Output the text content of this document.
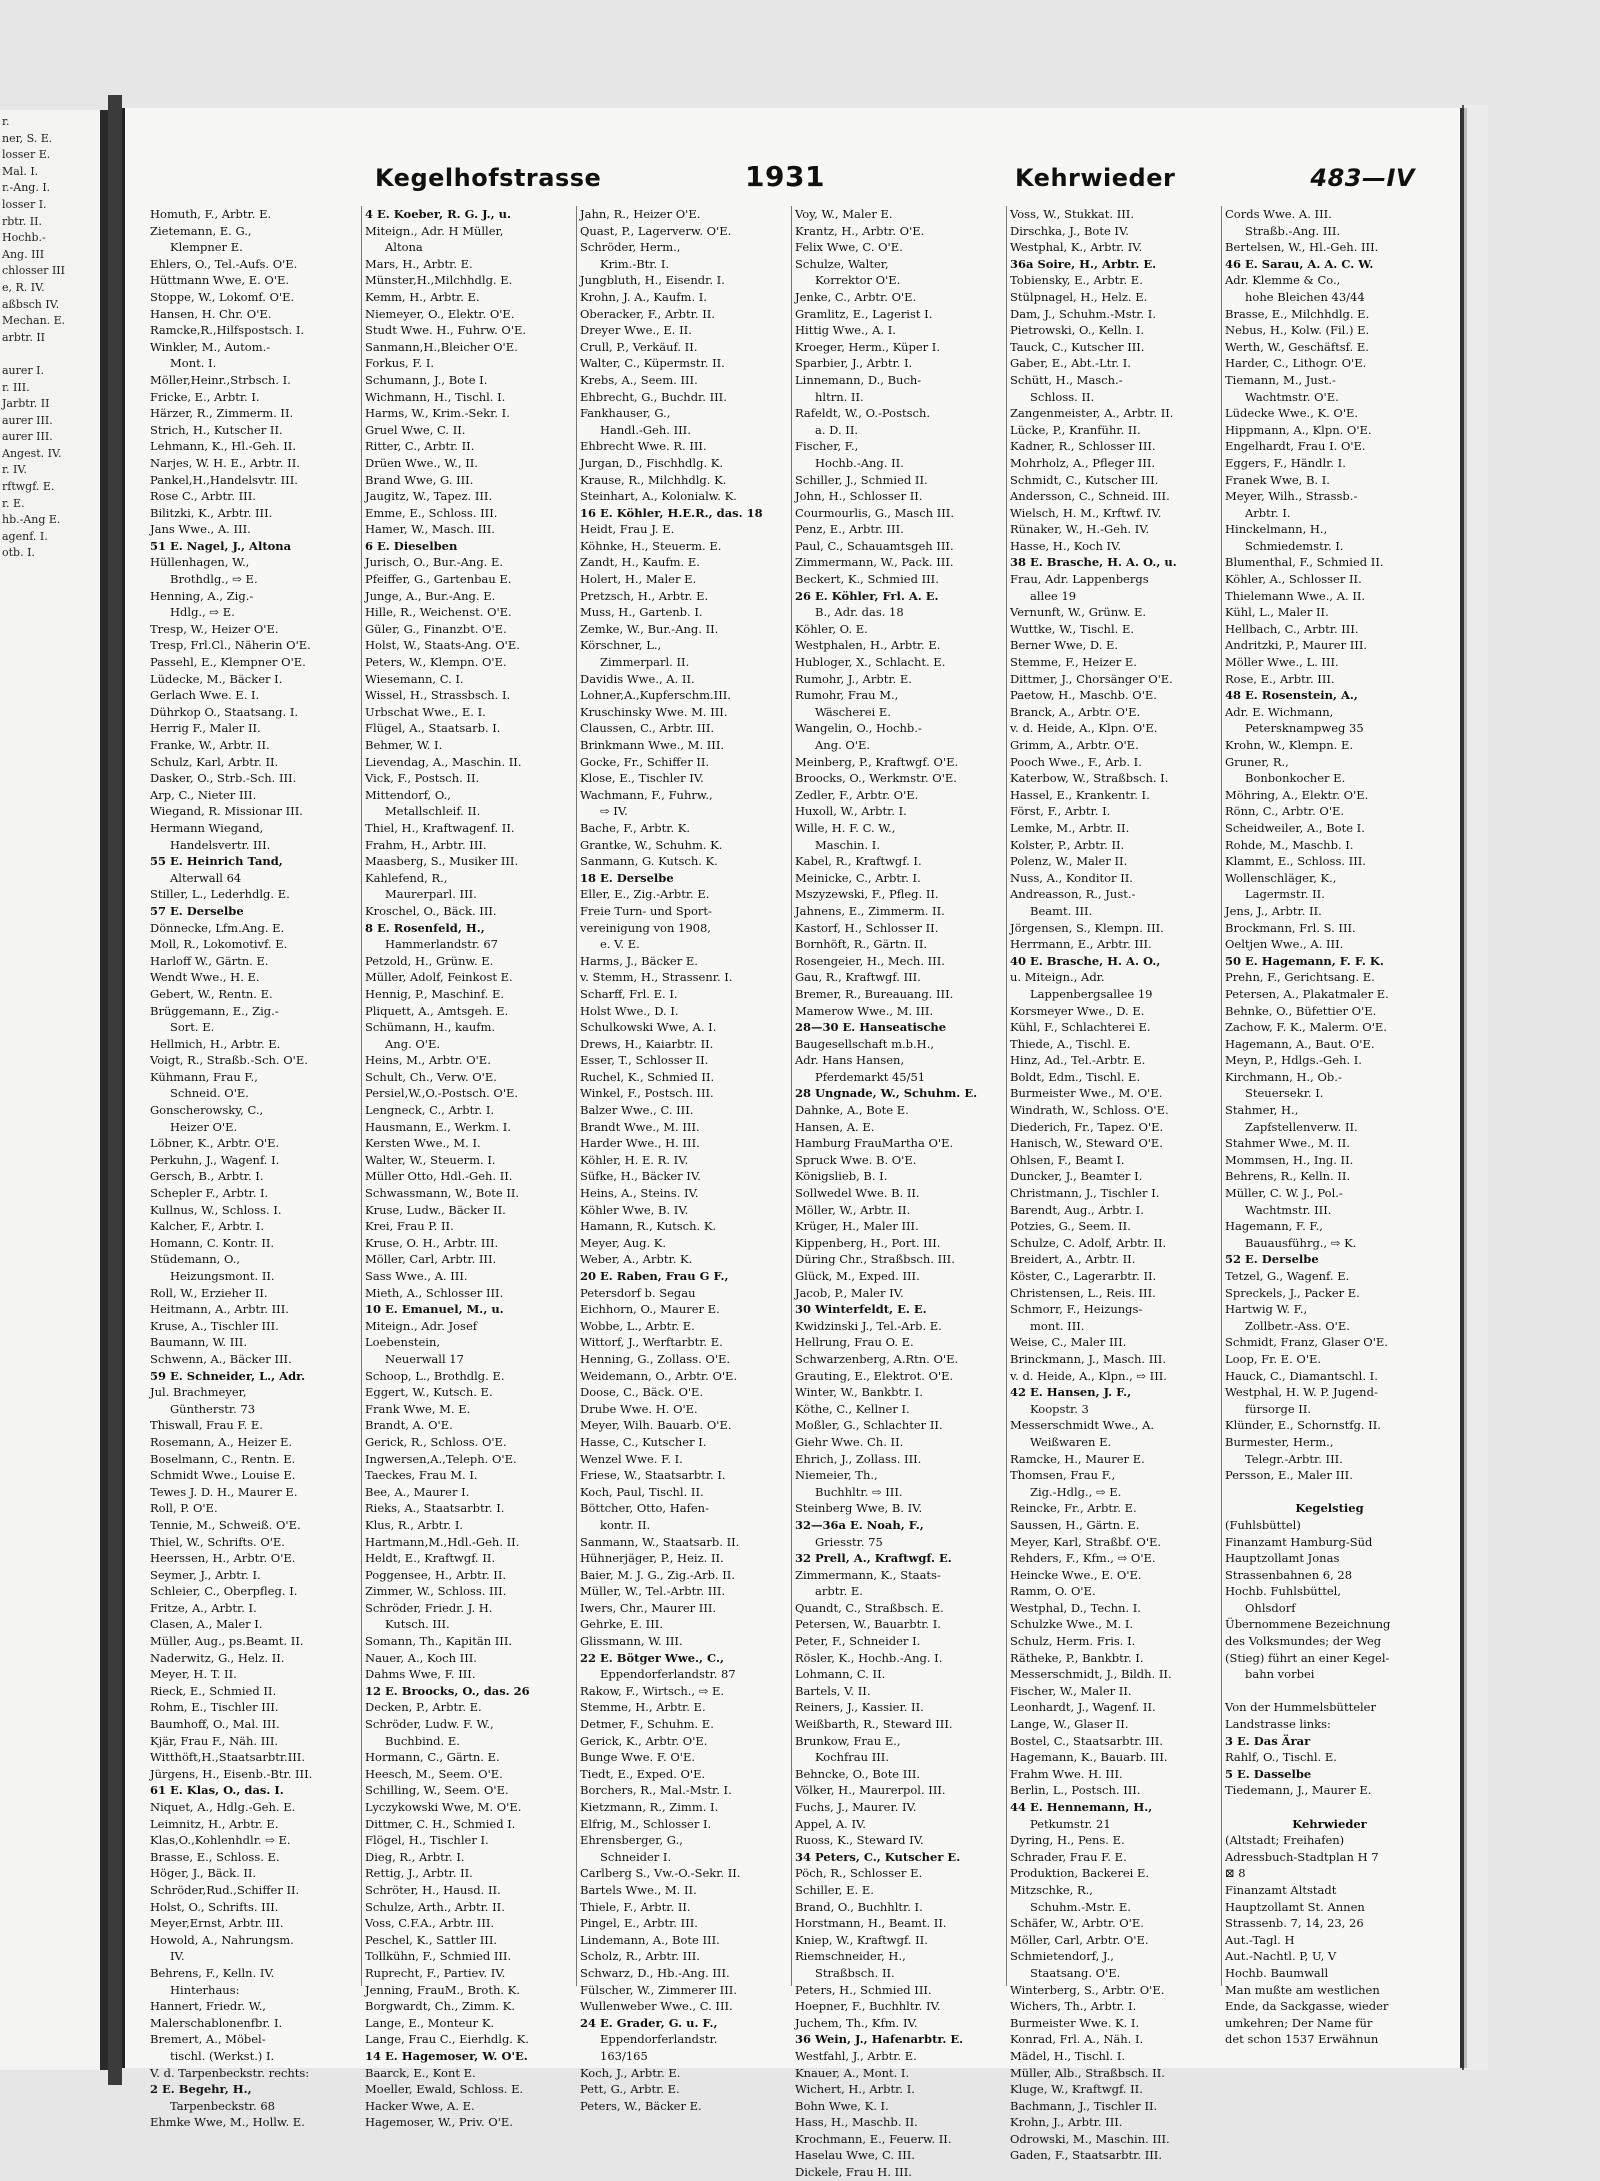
r.
ner, S. E.
losser E.
Mal. I.
r.-Ang. I.
losser I.
rbtr. II.
Hochb.-
Ang. III
chlosser III
e, R. IV.
aßbsch IV.
Mechan. E.
arbtr. II

aurer I.
r. III.
Jarbtr. II
aurer III.
aurer III.
Angest. IV.
r. IV.
rftwgf. E.
r. E.
hb.-Ang E.
agenf. I.
otb. I.
Kegelhofstrasse	1931	Kehrwieder	483—IV
Homuth, F., Arbtr. E.
Zietemann, E. G.,
Klempner E.
Ehlers, O., Tel.-Aufs. O'E.
Hüttmann Wwe, E. O'E.
Stoppe, W., Lokomf. O'E.
Hansen, H. Chr. O'E.
Ramcke,R.,Hilfspostsch. I.
Winkler, M., Autom.-
Mont. I.
Möller,Heinr.,Strbsch. I.
Fricke, E., Arbtr. I.
Härzer, R., Zimmerm. II.
Strich, H., Kutscher II.
Lehmann, K., Hl.-Geh. II.
Narjes, W. H. E., Arbtr. II.
Pankel,H.,Handelsvtr. III.
Rose C., Arbtr. III.
Bilitzki, K., Arbtr. III.
Jans Wwe., A. III.
51 E. Nagel, J., Altona
Hüllenhagen, W.,
Brothdlg., ⇨ E.
Henning, A., Zig.-
Hdlg., ⇨ E.
Tresp, W., Heizer O'E.
Tresp, Frl.Cl., Näherin O'E.
Passehl, E., Klempner O'E.
Lüdecke, M., Bäcker I.
Gerlach Wwe. E. I.
Dührkop O., Staatsang. I.
Herrig F., Maler II.
Franke, W., Arbtr. II.
Schulz, Karl, Arbtr. II.
Dasker, O., Strb.-Sch. III.
Arp, C., Nieter III.
Wiegand, R. Missionar III.
Hermann Wiegand,
Handelsvertr. III.
55 E. Heinrich Tand,
Alterwall 64
Stiller, L., Lederhdlg. E.
57 E. Derselbe
Dönnecke, Lfm.Ang. E.
Moll, R., Lokomotivf. E.
Harloff W., Gärtn. E.
Wendt Wwe., H. E.
Gebert, W., Rentn. E.
Brüggemann, E., Zig.-
Sort. E.
Hellmich, H., Arbtr. E.
Voigt, R., Straßb.-Sch. O'E.
Kühmann, Frau F.,
Schneid. O'E.
Gonscherowsky, C.,
Heizer O'E.
Löbner, K., Arbtr. O'E.
Perkuhn, J., Wagenf. I.
Gersch, B., Arbtr. I.
Schepler F., Arbtr. I.
Kullnus, W., Schloss. I.
Kalcher, F., Arbtr. I.
Homann, C. Kontr. II.
Stüdemann, O.,
Heizungsmont. II.
Roll, W., Erzieher II.
Heitmann, A., Arbtr. III.
Kruse, A., Tischler III.
Baumann, W. III.
Schwenn, A., Bäcker III.
59 E. Schneider, L., Adr.
Jul. Brachmeyer,
Güntherstr. 73
Thiswall, Frau F. E.
Rosemann, A., Heizer E.
Boselmann, C., Rentn. E.
Schmidt Wwe., Louise E.
Tewes J. D. H., Maurer E.
Roll, P. O'E.
Tennie, M., Schweiß. O'E.
Thiel, W., Schrifts. O'E.
Heerssen, H., Arbtr. O'E.
Seymer, J., Arbtr. I.
Schleier, C., Oberpfleg. I.
Fritze, A., Arbtr. I.
Clasen, A., Maler I.
Müller, Aug., ps.Beamt. II.
Naderwitz, G., Helz. II.
Meyer, H. T. II.
Rieck, E., Schmied II.
Rohm, E., Tischler III.
Baumhoff, O., Mal. III.
Kjär, Frau F., Näh. III.
Witthöft,H.,Staatsarbtr.III.
Jürgens, H., Eisenb.-Btr. III.
61 E. Klas, O., das. I.
Niquet, A., Hdlg.-Geh. E.
Leimnitz, H., Arbtr. E.
Klas,O.,Kohlenhdlr. ⇨ E.
Brasse, E., Schloss. E.
Höger, J., Bäck. II.
Schröder,Rud.,Schiffer II.
Holst, O., Schrifts. III.
Meyer,Ernst, Arbtr. III.
Howold, A., Nahrungsm.
IV.
Behrens, F., Kelln. IV.
Hinterhaus:
Hannert, Friedr. W.,
Malerschablonenfbr. I.
Bremert, A., Möbel-
tischl. (Werkst.) I.
V. d. Tarpenbeckstr. rechts:
2 E. Begehr, H.,
Tarpenbeckstr. 68
Ehmke Wwe, M., Hollw. E.
4 E. Koeber, R. G. J., u.
Miteign., Adr. H Müller,
Altona
Mars, H., Arbtr. E.
Münster,H.,Milchhdlg. E.
Kemm, H., Arbtr. E.
Niemeyer, O., Elektr. O'E.
Studt Wwe. H., Fuhrw. O'E.
Sanmann,H.,Bleicher O'E.
Forkus, F. I.
Schumann, J., Bote I.
Wichmann, H., Tischl. I.
Harms, W., Krim.-Sekr. I.
Gruel Wwe, C. II.
Ritter, C., Arbtr. II.
Drüen Wwe., W., II.
Brand Wwe, G. III.
Jaugitz, W., Tapez. III.
Emme, E., Schloss. III.
Hamer, W., Masch. III.
6 E. Dieselben
Jurisch, O., Bur.-Ang. E.
Pfeiffer, G., Gartenbau E.
Junge, A., Bur.-Ang. E.
Hille, R., Weichenst. O'E.
Güler, G., Finanzbt. O'E.
Holst, W., Staats-Ang. O'E.
Peters, W., Klempn. O'E.
Wiesemann, C. I.
Wissel, H., Strassbsch. I.
Urbschat Wwe., E. I.
Flügel, A., Staatsarb. I.
Behmer, W. I.
Lievendag, A., Maschin. II.
Vick, F., Postsch. II.
Mittendorf, O.,
Metallschleif. II.
Thiel, H., Kraftwagenf. II.
Frahm, H., Arbtr. III.
Maasberg, S., Musiker III.
Kahlefend, R.,
Maurerparl. III.
Kroschel, O., Bäck. III.
8 E. Rosenfeld, H.,
Hammerlandstr. 67
Petzold, H., Grünw. E.
Müller, Adolf, Feinkost E.
Hennig, P., Maschinf. E.
Pliquett, A., Amtsgeh. E.
Schümann, H., kaufm.
Ang. O'E.
Heins, M., Arbtr. O'E.
Schult, Ch., Verw. O'E.
Persiel,W.,O.-Postsch. O'E.
Lengneck, C., Arbtr. I.
Hausmann, E., Werkm. I.
Kersten Wwe., M. I.
Walter, W., Steuerm. I.
Müller Otto, Hdl.-Geh. II.
Schwassmann, W., Bote II.
Kruse, Ludw., Bäcker II.
Krei, Frau P. II.
Kruse, O. H., Arbtr. III.
Möller, Carl, Arbtr. III.
Sass Wwe., A. III.
Mieth, A., Schlosser III.
10 E. Emanuel, M., u.
Miteign., Adr. Josef
Loebenstein,
Neuerwall 17
Schoop, L., Brothdlg. E.
Eggert, W., Kutsch. E.
Frank Wwe, M. E.
Brandt, A. O'E.
Gerick, R., Schloss. O'E.
Ingwersen,A.,Teleph. O'E.
Taeckes, Frau M. I.
Bee, A., Maurer I.
Rieks, A., Staatsarbtr. I.
Klus, R., Arbtr. I.
Hartmann,M.,Hdl.-Geh. II.
Heldt, E., Kraftwgf. II.
Poggensee, H., Arbtr. II.
Zimmer, W., Schloss. III.
Schröder, Friedr. J. H.
Kutsch. III.
Somann, Th., Kapitän III.
Nauer, A., Koch III.
Dahms Wwe, F. III.
12 E. Broocks, O., das. 26
Decken, P., Arbtr. E.
Schröder, Ludw. F. W.,
Buchbind. E.
Hormann, C., Gärtn. E.
Heesch, M., Seem. O'E.
Schilling, W., Seem. O'E.
Lyczykowski Wwe, M. O'E.
Dittmer, C. H., Schmied I.
Flögel, H., Tischler I.
Dieg, R., Arbtr. I.
Rettig, J., Arbtr. II.
Schröter, H., Hausd. II.
Schulze, Arth., Arbtr. II.
Voss, C.F.A., Arbtr. III.
Peschel, K., Sattler III.
Tollkühn, F., Schmied III.
Ruprecht, F., Partiev. IV.
Jenning, FrauM., Broth. K.
Borgwardt, Ch., Zimm. K.
Lange, E., Monteur K.
Lange, Frau C., Eierhdlg. K.
14 E. Hagemoser, W. O'E.
Baarck, E., Kont E.
Moeller, Ewald, Schloss. E.
Hacker Wwe, A. E.
Hagemoser, W., Priv. O'E.
Jahn, R., Heizer O'E.
Quast, P., Lagerverw. O'E.
Schröder, Herm.,
Krim.-Btr. I.
Jungbluth, H., Eisendr. I.
Krohn, J. A., Kaufm. I.
Oberacker, F., Arbtr. II.
Dreyer Wwe., E. II.
Crull, P., Verkäuf. II.
Walter, C., Küpermstr. II.
Krebs, A., Seem. III.
Ehbrecht, G., Buchdr. III.
Fankhauser, G.,
Handl.-Geh. III.
Ehbrecht Wwe. R. III.
Jurgan, D., Fischhdlg. K.
Krause, R., Milchhdlg. K.
Steinhart, A., Kolonialw. K.
16 E. Köhler, H.E.R., das. 18
Heidt, Frau J. E.
Köhnke, H., Steuerm. E.
Zandt, H., Kaufm. E.
Holert, H., Maler E.
Pretzsch, H., Arbtr. E.
Muss, H., Gartenb. I.
Zemke, W., Bur.-Ang. II.
Körschner, L.,
Zimmerparl. II.
Davidis Wwe., A. II.
Lohner,A.,Kupferschm.III.
Kruschinsky Wwe. M. III.
Claussen, C., Arbtr. III.
Brinkmann Wwe., M. III.
Gocke, Fr., Schiffer II.
Klose, E., Tischler IV.
Wachmann, F., Fuhrw.,
⇨ IV.
Bache, F., Arbtr. K.
Grantke, W., Schuhm. K.
Sanmann, G. Kutsch. K.
18 E. Derselbe
Eller, E., Zig.-Arbtr. E.
Freie Turn- und Sport-
vereinigung von 1908,
e. V. E.
Harms, J., Bäcker E.
v. Stemm, H., Strassenr. I.
Scharff, Frl. E. I.
Holst Wwe., D. I.
Schulkowski Wwe, A. I.
Drews, H., Kaiarbtr. II.
Esser, T., Schlosser II.
Ruchel, K., Schmied II.
Winkel, F., Postsch. III.
Balzer Wwe., C. III.
Brandt Wwe., M. III.
Harder Wwe., H. III.
Köhler, H. E. R. IV.
Süfke, H., Bäcker IV.
Heins, A., Steins. IV.
Köhler Wwe, B. IV.
Hamann, R., Kutsch. K.
Meyer, Aug. K.
Weber, A., Arbtr. K.
20 E. Raben, Frau G F.,
Petersdorf b. Segau
Eichhorn, O., Maurer E.
Wobbe, L., Arbtr. E.
Wittorf, J., Werftarbtr. E.
Henning, G., Zollass. O'E.
Weidemann, O., Arbtr. O'E.
Doose, C., Bäck. O'E.
Drube Wwe. H. O'E.
Meyer, Wilh. Bauarb. O'E.
Hasse, C., Kutscher I.
Wenzel Wwe. F. I.
Friese, W., Staatsarbtr. I.
Koch, Paul, Tischl. II.
Böttcher, Otto, Hafen-
kontr. II.
Sanmann, W., Staatsarb. II.
Hühnerjäger, P., Heiz. II.
Baier, M. J. G., Zig.-Arb. II.
Müller, W., Tel.-Arbtr. III.
Iwers, Chr., Maurer III.
Gehrke, E. III.
Glissmann, W. III.
22 E. Bötger Wwe., C.,
Eppendorferlandstr. 87
Rakow, F., Wirtsch., ⇨ E.
Stemme, H., Arbtr. E.
Detmer, F., Schuhm. E.
Gerick, K., Arbtr. O'E.
Bunge Wwe. F. O'E.
Tiedt, E., Exped. O'E.
Borchers, R., Mal.-Mstr. I.
Kietzmann, R., Zimm. I.
Elfrig, M., Schlosser I.
Ehrensberger, G.,
Schneider I.
Carlberg S., Vw.-O.-Sekr. II.
Bartels Wwe., M. II.
Thiele, F., Arbtr. II.
Pingel, E., Arbtr. III.
Lindemann, A., Bote III.
Scholz, R., Arbtr. III.
Schwarz, D., Hb.-Ang. III.
Fülscher, W., Zimmerer III.
Wullenweber Wwe., C. III.
24 E. Grader, G. u. F.,
Eppendorferlandstr.
163/165
Koch, J., Arbtr. E.
Pett, G., Arbtr. E.
Peters, W., Bäcker E.
Voy, W., Maler E.
Krantz, H., Arbtr. O'E.
Felix Wwe, C. O'E.
Schulze, Walter,
Korrektor O'E.
Jenke, C., Arbtr. O'E.
Gramlitz, E., Lagerist I.
Hittig Wwe., A. I.
Kroeger, Herm., Küper I.
Sparbier, J., Arbtr. I.
Linnemann, D., Buch-
hltrn. II.
Rafeldt, W., O.-Postsch.
a. D. II.
Fischer, F.,
Hochb.-Ang. II.
Schiller, J., Schmied II.
John, H., Schlosser II.
Courmourlis, G., Masch III.
Penz, E., Arbtr. III.
Paul, C., Schauamtsgeh III.
Zimmermann, W., Pack. III.
Beckert, K., Schmied III.
26 E. Köhler, Frl. A. E.
B., Adr. das. 18
Köhler, O. E.
Westphalen, H., Arbtr. E.
Hubloger, X., Schlacht. E.
Rumohr, J., Arbtr. E.
Rumohr, Frau M.,
Wäscherei E.
Wangelin, O., Hochb.-
Ang. O'E.
Meinberg, P., Kraftwgf. O'E.
Broocks, O., Werkmstr. O'E.
Zedler, F., Arbtr. O'E.
Huxoll, W., Arbtr. I.
Wille, H. F. C. W.,
Maschin. I.
Kabel, R., Kraftwgf. I.
Meinicke, C., Arbtr. I.
Mszyzewski, F., Pfleg. II.
Jahnens, E., Zimmerm. II.
Kastorf, H., Schlosser II.
Bornhöft, R., Gärtn. II.
Rosengeier, H., Mech. III.
Gau, R., Kraftwgf. III.
Bremer, R., Bureauang. III.
Mamerow Wwe., M. III.
28—30 E. Hanseatische
Baugesellschaft m.b.H.,
Adr. Hans Hansen,
Pferdemarkt 45/51
28 Ungnade, W., Schuhm. E.
Dahnke, A., Bote E.
Hansen, A. E.
Hamburg FrauMartha O'E.
Spruck Wwe. B. O'E.
Königslieb, B. I.
Sollwedel Wwe. B. II.
Möller, W., Arbtr. II.
Krüger, H., Maler III.
Kippenberg, H., Port. III.
Düring Chr., Straßbsch. III.
Glück, M., Exped. III.
Jacob, P., Maler IV.
30 Winterfeldt, E. E.
Kwidzinski J., Tel.-Arb. E.
Hellrung, Frau O. E.
Schwarzenberg, A.Rtn. O'E.
Grauting, E., Elektrot. O'E.
Winter, W., Bankbtr. I.
Köthe, C., Kellner I.
Moßler, G., Schlachter II.
Giehr Wwe. Ch. II.
Ehrich, J., Zollass. III.
Niemeier, Th.,
Buchhltr. ⇨ III.
Steinberg Wwe, B. IV.
32—36a E. Noah, F.,
Griesstr. 75
32 Prell, A., Kraftwgf. E.
Zimmermann, K., Staats-
arbtr. E.
Quandt, C., Straßbsch. E.
Petersen, W., Bauarbtr. I.
Peter, F., Schneider I.
Rösler, K., Hochb.-Ang. I.
Lohmann, C. II.
Bartels, V. II.
Reiners, J., Kassier. II.
Weißbarth, R., Steward III.
Brunkow, Frau E.,
Kochfrau III.
Behncke, O., Bote III.
Völker, H., Maurerpol. III.
Fuchs, J., Maurer. IV.
Appel, A. IV.
Ruoss, K., Steward IV.
34 Peters, C., Kutscher E.
Pöch, R., Schlosser E.
Schiller, E. E.
Brand, O., Buchhltr. I.
Horstmann, H., Beamt. II.
Kniep, W., Kraftwgf. II.
Riemschneider, H.,
Straßbsch. II.
Peters, H., Schmied III.
Hoepner, F., Buchhltr. IV.
Juchem, Th., Kfm. IV.
36 Wein, J., Hafenarbtr. E.
Westfahl, J., Arbtr. E.
Knauer, A., Mont. I.
Wichert, H., Arbtr. I.
Bohn Wwe, K. I.
Hass, H., Maschb. II.
Krochmann, E., Feuerw. II.
Haselau Wwe, C. III.
Dickele, Frau H. III.
Voss, W., Stukkat. III.
Dirschka, J., Bote IV.
Westphal, K., Arbtr. IV.
36a Soire, H., Arbtr. E.
Tobiensky, E., Arbtr. E.
Stülpnagel, H., Helz. E.
Dam, J., Schuhm.-Mstr. I.
Pietrowski, O., Kelln. I.
Tauck, C., Kutscher III.
Gaber, E., Abt.-Ltr. I.
Schütt, H., Masch.-
Schloss. II.
Zangenmeister, A., Arbtr. II.
Lücke, P., Kranführ. II.
Kadner, R., Schlosser III.
Mohrholz, A., Pfleger III.
Schmidt, C., Kutscher III.
Andersson, C., Schneid. III.
Wielsch, H. M., Krftwf. IV.
Rünaker, W., H.-Geh. IV.
Hasse, H., Koch IV.
38 E. Brasche, H. A. O., u.
Frau, Adr. Lappenbergs
allee 19
Vernunft, W., Grünw. E.
Wuttke, W., Tischl. E.
Berner Wwe, D. E.
Stemme, F., Heizer E.
Dittmer, J., Chorsänger O'E.
Paetow, H., Maschb. O'E.
Branck, A., Arbtr. O'E.
v. d. Heide, A., Klpn. O'E.
Grimm, A., Arbtr. O'E.
Pooch Wwe., F., Arb. I.
Katerbow, W., Straßbsch. I.
Hassel, E., Krankentr. I.
Först, F., Arbtr. I.
Lemke, M., Arbtr. II.
Kolster, P., Arbtr. II.
Polenz, W., Maler II.
Nuss, A., Konditor II.
Andreasson, R., Just.-
Beamt. III.
Jörgensen, S., Klempn. III.
Herrmann, E., Arbtr. III.
40 E. Brasche, H. A. O.,
u. Miteign., Adr.
Lappenbergsallee 19
Korsmeyer Wwe., D. E.
Kühl, F., Schlachterei E.
Thiede, A., Tischl. E.
Hinz, Ad., Tel.-Arbtr. E.
Boldt, Edm., Tischl. E.
Burmeister Wwe., M. O'E.
Windrath, W., Schloss. O'E.
Diederich, Fr., Tapez. O'E.
Hanisch, W., Steward O'E.
Ohlsen, F., Beamt I.
Duncker, J., Beamter I.
Christmann, J., Tischler I.
Barendt, Aug., Arbtr. I.
Potzies, G., Seem. II.
Schulze, C. Adolf, Arbtr. II.
Breidert, A., Arbtr. II.
Köster, C., Lagerarbtr. II.
Christensen, L., Reis. III.
Schmorr, F., Heizungs-
mont. III.
Weise, C., Maler III.
Brinckmann, J., Masch. III.
v. d. Heide, A., Klpn., ⇨ III.
42 E. Hansen, J. F.,
Koopstr. 3
Messerschmidt Wwe., A.
Weißwaren E.
Ramcke, H., Maurer E.
Thomsen, Frau F.,
Zig.-Hdlg., ⇨ E.
Reincke, Fr., Arbtr. E.
Saussen, H., Gärtn. E.
Meyer, Karl, Straßbf. O'E.
Rehders, F., Kfm., ⇨ O'E.
Heincke Wwe., E. O'E.
Ramm, O. O'E.
Westphal, D., Techn. I.
Schulzke Wwe., M. I.
Schulz, Herm. Fris. I.
Rätheke, P., Bankbtr. I.
Messerschmidt, J., Bildh. II.
Fischer, W., Maler II.
Leonhardt, J., Wagenf. II.
Lange, W., Glaser II.
Bostel, C., Staatsarbtr. III.
Hagemann, K., Bauarb. III.
Frahm Wwe. H. III.
Berlin, L., Postsch. III.
44 E. Hennemann, H.,
Petkumstr. 21
Dyring, H., Pens. E.
Schrader, Frau F. E.
Produktion, Backerei E.
Mitzschke, R.,
Schuhm.-Mstr. E.
Schäfer, W., Arbtr. O'E.
Möller, Carl, Arbtr. O'E.
Schmietendorf, J.,
Staatsang. O'E.
Winterberg, S., Arbtr. O'E.
Wichers, Th., Arbtr. I.
Burmeister Wwe. K. I.
Konrad, Frl. A., Näh. I.
Mädel, H., Tischl. I.
Müller, Alb., Straßbsch. II.
Kluge, W., Kraftwgf. II.
Bachmann, J., Tischler II.
Krohn, J., Arbtr. III.
Odrowski, M., Maschin. III.
Gaden, F., Staatsarbtr. III.
Cords Wwe. A. III.
Straßb.-Ang. III.
Bertelsen, W., Hl.-Geh. III.
46 E. Sarau, A. A. C. W.
Adr. Klemme & Co.,
hohe Bleichen 43/44
Brasse, E., Milchhdlg. E.
Nebus, H., Kolw. (Fil.) E.
Werth, W., Geschäftsf. E.
Harder, C., Lithogr. O'E.
Tiemann, M., Just.-
Wachtmstr. O'E.
Lüdecke Wwe., K. O'E.
Hippmann, A., Klpn. O'E.
Engelhardt, Frau I. O'E.
Eggers, F., Händlr. I.
Franek Wwe, B. I.
Meyer, Wilh., Strassb.-
Arbtr. I.
Hinckelmann, H.,
Schmiedemstr. I.
Blumenthal, F., Schmied II.
Köhler, A., Schlosser II.
Thielemann Wwe., A. II.
Kühl, L., Maler II.
Hellbach, C., Arbtr. III.
Andritzki, P., Maurer III.
Möller Wwe., L. III.
Rose, E., Arbtr. III.
48 E. Rosenstein, A.,
Adr. E. Wichmann,
Petersknampweg 35
Krohn, W., Klempn. E.
Gruner, R.,
Bonbonkocher E.
Möhring, A., Elektr. O'E.
Rönn, C., Arbtr. O'E.
Scheidweiler, A., Bote I.
Rohde, M., Maschb. I.
Klammt, E., Schloss. III.
Wollenschläger, K.,
Lagermstr. II.
Jens, J., Arbtr. II.
Brockmann, Frl. S. III.
Oeltjen Wwe., A. III.
50 E. Hagemann, F. F. K.
Prehn, F., Gerichtsang. E.
Petersen, A., Plakatmaler E.
Behnke, O., Büfettier O'E.
Zachow, F. K., Malerm. O'E.
Hagemann, A., Baut. O'E.
Meyn, P., Hdlgs.-Geh. I.
Kirchmann, H., Ob.-
Steuersekr. I.
Stahmer, H.,
Zapfstellenverw. II.
Stahmer Wwe., M. II.
Mommsen, H., Ing. II.
Behrens, R., Kelln. II.
Müller, C. W. J., Pol.-
Wachtmstr. III.
Hagemann, F. F.,
Bauausführg., ⇨ K.
52 E. Derselbe
Tetzel, G., Wagenf. E.
Spreckels, J., Packer E.
Hartwig W. F.,
Zollbetr.-Ass. O'E.
Schmidt, Franz, Glaser O'E.
Loop, Fr. E. O'E.
Hauck, C., Diamantschl. I.
Westphal, H. W. P. Jugend-
fürsorge II.
Klünder, E., Schornstfg. II.
Burmester, Herm.,
Telegr.-Arbtr. III.
Persson, E., Maler III.

Kegelstieg
(Fuhlsbüttel)
Finanzamt Hamburg-Süd
Hauptzollamt Jonas
Strassenbahnen 6, 28
Hochb. Fuhlsbüttel,
Ohlsdorf
Übernommene Bezeichnung
des Volksmundes; der Weg
(Stieg) führt an einer Kegel-
bahn vorbei

Von der Hummelsbütteler
Landstrasse links:
3 E. Das Ärar
Rahlf, O., Tischl. E.
5 E. Dasselbe
Tiedemann, J., Maurer E.

Kehrwieder
(Altstadt; Freihafen)
Adressbuch-Stadtplan H 7
⊠ 8
Finanzamt Altstadt
Hauptzollamt St. Annen
Strassenb. 7, 14, 23, 26
Aut.-Tagl. H
Aut.-Nachtl. P, U, V
Hochb. Baumwall
Man mußte am westlichen
Ende, da Sackgasse, wieder
umkehren; Der Name für
det schon 1537 Erwähnun
